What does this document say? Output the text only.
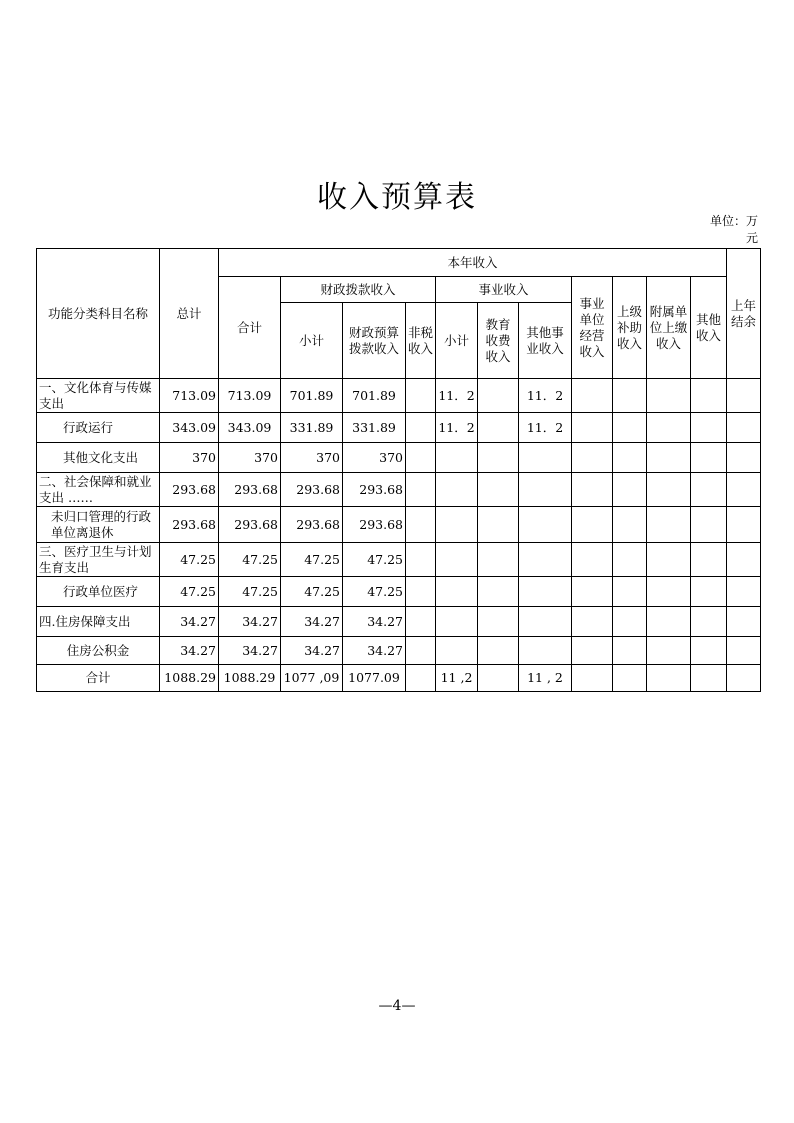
收入预算表
单位：万元
功能分类科目名称	总计	本年收入											上年结余
		合计	财政拨款收入			事业收入			事业单位经营收入	上级补助收入	附属单位上缴收入	其他收入	
			小计	财政预算拨款收入	非税收入	小计	教育收费收入	其他事业收入					

一、文化体育与传媒支出	713.09	713.09	701.89	701.89		11．2		11．2					
行政运行	343.09	343.09	331.89	331.89		11．2		11．2					
其他文化支出	370	370	370	370									
二、社会保障和就业支出 ……	293.68	293.68	293.68	293.68									
未归口管理的行政单位离退休	293.68	293.68	293.68	293.68									
三、医疗卫生与计划生育支出	47.25	47.25	47.25	47.25									
行政单位医疗	47.25	47.25	47.25	47.25									
四.住房保障支出	34.27	34.27	34.27	34.27									
住房公积金	34.27	34.27	34.27	34.27									
合计	1088.29	1088.29	1077 ,09	1077.09		11 ,2		11 , 2					
—4—
